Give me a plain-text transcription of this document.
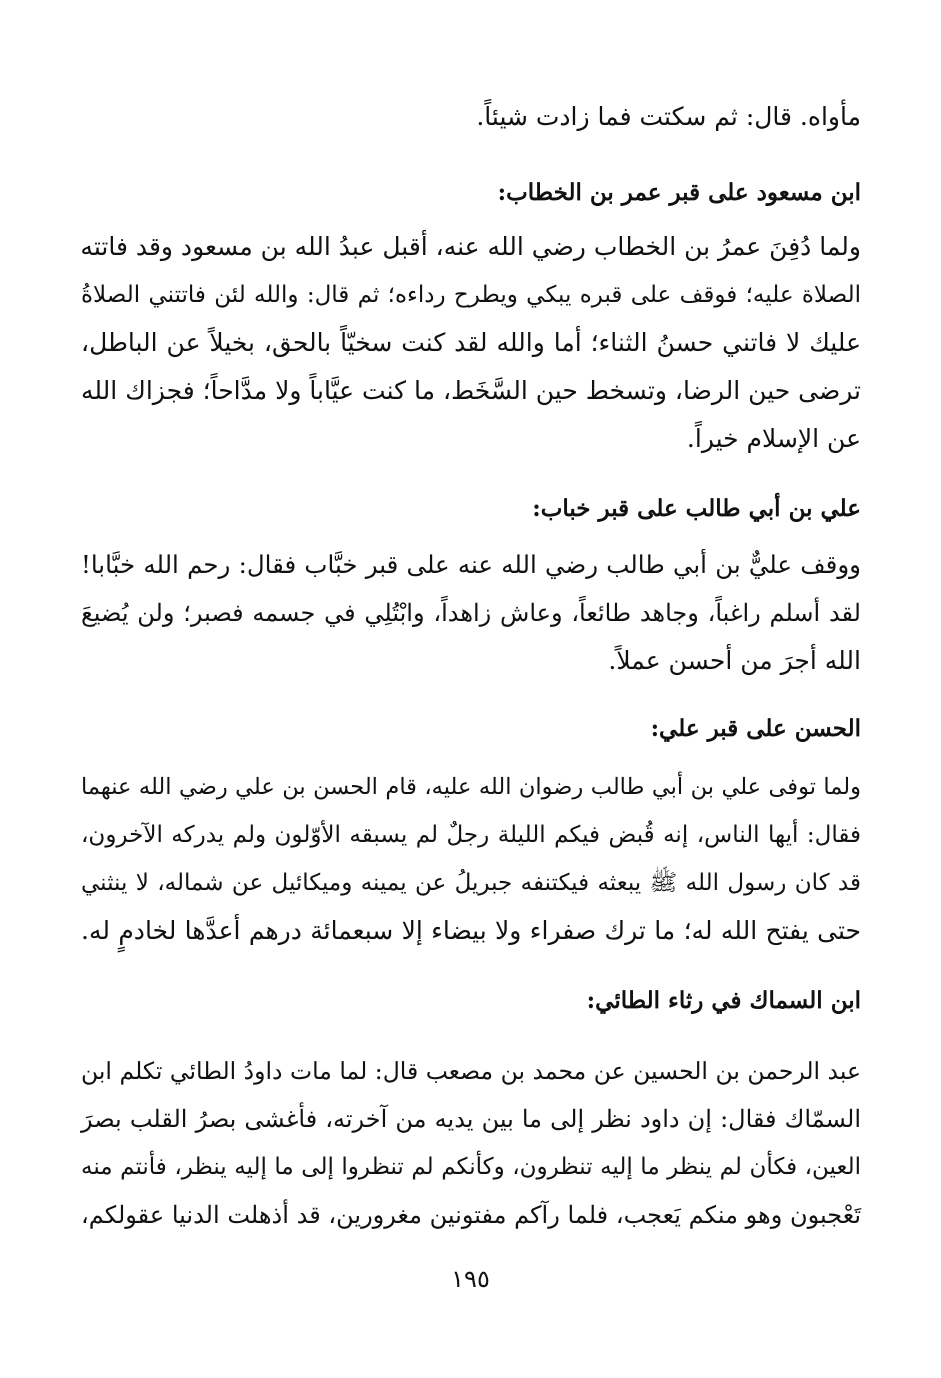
مأواه. قال: ثم سكتت فما زادت شيئاً.
ابن مسعود على قبر عمر بن الخطاب:
ولما دُفِنَ عمرُ بن الخطاب رضي الله عنه، أقبل عبدُ الله بن مسعود وقد فاتته
الصلاة عليه؛ فوقف على قبره يبكي ويطرح رداءه؛ ثم قال: والله لئن فاتتني الصلاةُ
عليك لا فاتني حسنُ الثناء؛ أما والله لقد كنت سخيّاً بالحق، بخيلاً عن الباطل،
ترضى حين الرضا، وتسخط حين السَّخَط، ما كنت عيَّاباً ولا مدَّاحاً؛ فجزاك الله
عن الإسلام خيراً.
علي بن أبي طالب على قبر خباب:
ووقف عليٌّ بن أبي طالب رضي الله عنه على قبر خبَّاب فقال: رحم الله خبَّابا!
لقد أسلم راغباً، وجاهد طائعاً، وعاش زاهداً، وابْتُلِي في جسمه فصبر؛ ولن يُضيعَ
الله أجرَ من أحسن عملاً.
الحسن على قبر علي:
ولما توفى علي بن أبي طالب رضوان الله عليه، قام الحسن بن علي رضي الله عنهما
فقال: أيها الناس، إنه قُبض فيكم الليلة رجلٌ لم يسبقه الأوّلون ولم يدركه الآخرون،
قد كان رسول الله ﷺ يبعثه فيكتنفه جبريلُ عن يمينه وميكائيل عن شماله، لا ينثني
حتى يفتح الله له؛ ما ترك صفراء ولا بيضاء إلا سبعمائة درهم أعدَّها لخادمٍ له.
ابن السماك في رثاء الطائي:
عبد الرحمن بن الحسين عن محمد بن مصعب قال: لما مات داودُ الطائي تكلم ابن
السمّاك فقال: إن داود نظر إلى ما بين يديه من آخرته، فأغشى بصرُ القلب بصرَ
العين، فكأن لم ينظر ما إليه تنظرون، وكأنكم لم تنظروا إلى ما إليه ينظر، فأنتم منه
تَعْجبون وهو منكم يَعجب، فلما رآكم مفتونين مغرورين، قد أذهلت الدنيا عقولكم،
١٩٥
